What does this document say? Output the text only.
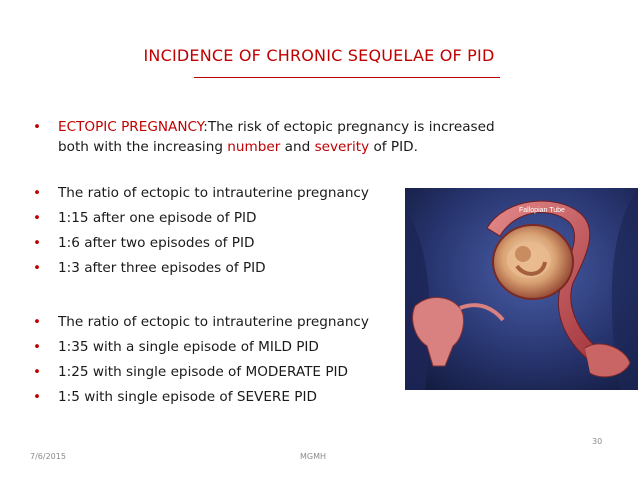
INCIDENCE OF CHRONIC SEQUELAE OF PID
• ECTOPIC PREGNANCY:The risk of ectopic pregnancy is increased
both with the increasing number and severity of PID.
• The ratio of ectopic to intrauterine pregnancy
• 1:15 after one episode of PID
• 1:6 after two episodes of PID
• 1:3 after three episodes of PID
• The ratio of ectopic to intrauterine pregnancy
• 1:35 with a single episode of MILD PID
• 1:25 with single episode of MODERATE PID
• 1:5 with single episode of SEVERE PID
Fallopian Tube
7/6/2015	MGMH
30
